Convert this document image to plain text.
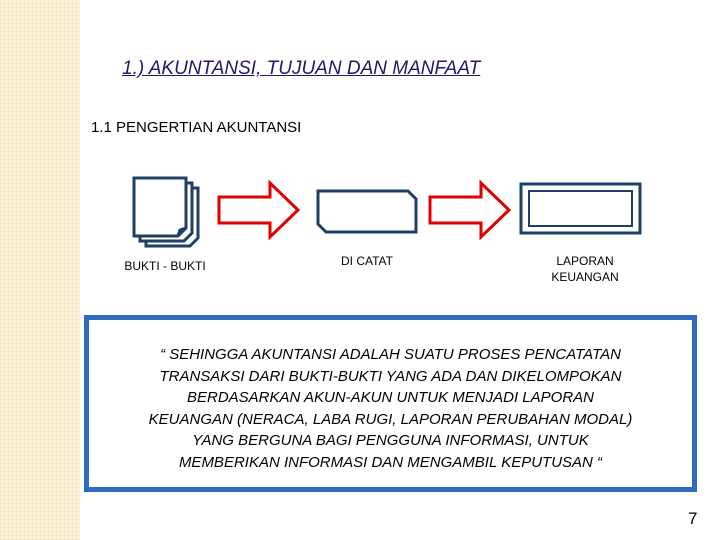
1.) AKUNTANSI, TUJUAN DAN MANFAAT
1.1 PENGERTIAN AKUNTANSI
BUKTI - BUKTI	DI CATAT	LAPORAN
KEUANGAN
“ SEHINGGA AKUNTANSI ADALAH SUATU PROSES PENCATATAN
TRANSAKSI DARI BUKTI-BUKTI YANG ADA DAN DIKELOMPOKAN
BERDASARKAN AKUN-AKUN UNTUK MENJADI LAPORAN
KEUANGAN (NERACA, LABA RUGI, LAPORAN PERUBAHAN MODAL)
YANG BERGUNA BAGI PENGGUNA INFORMASI, UNTUK
MEMBERIKAN INFORMASI DAN MENGAMBIL KEPUTUSAN “
7
